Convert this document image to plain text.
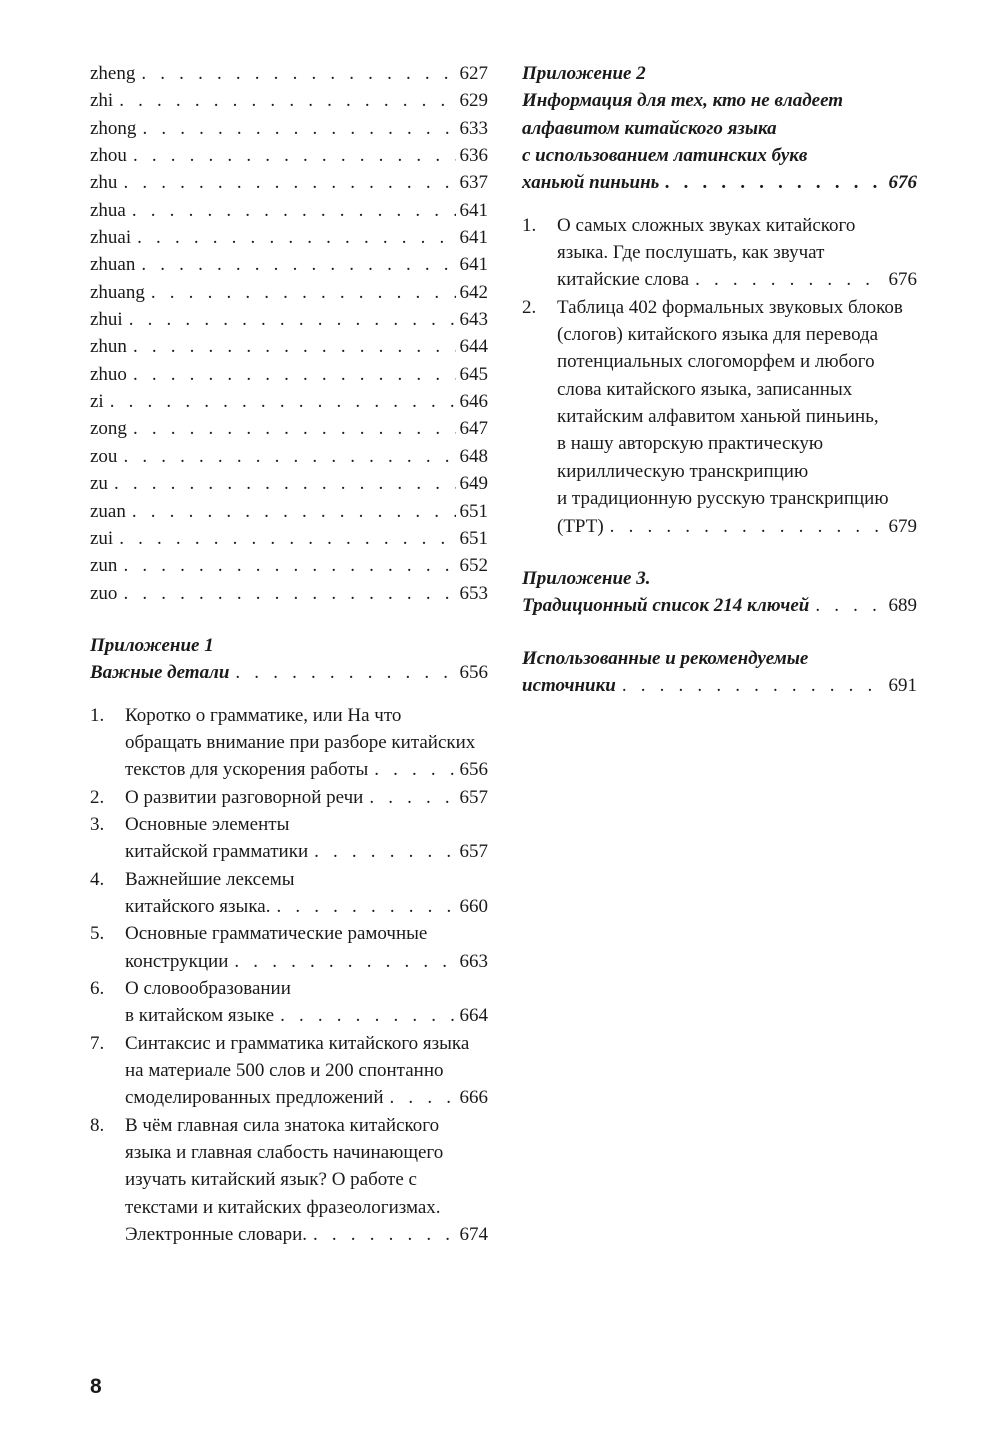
zheng . . .	627
zhi . . .	629
zhong . . .	633
zhou . . .	636
zhu . . .	637
zhua . . .	641
zhuai . . .	641
zhuan . . .	641
zhuang . . .	642
zhui . . .	643
zhun . . .	644
zhuo . . .	645
zi . . .	646
zong . . .	647
zou . . .	648
zu . . .	649
zuan . . .	651
zui . . .	651
zun . . .	652
zuo . . .	653
Приложение 1
Важные детали . . .	656
1.	Коротко о грамматике, или На что
обращать внимание при разборе китайских
текстов для ускорения работы . . .	656
2.	О развитии разговорной речи . . .	657
3.	Основные элементы
китайской грамматики . . .	657
4.	Важнейшие лексемы
китайского языка. . . .	660
5.	Основные грамматические рамочные
конструкции . . .	663
6.	О словообразовании
в китайском языке . . .	664
7.	Синтаксис и грамматика китайского языка
на материале 500 слов и 200 спонтанно
смоделированных предложений . . .	666
8.	В чём главная сила знатока китайского
языка и главная слабость начинающего
изучать китайский язык? О работе с
текстами и китайских фразеологизмах.
Электронные словари. . . .	674
Приложение 2
Информация для тех, кто не владеет
алфавитом китайского языка
с использованием латинских букв
ханьюй пиньинь . . .	676
1.	О самых сложных звуках китайского
языка. Где послушать, как звучат
китайские слова . . .	676
2.	Таблица 402 формальных звуковых блоков
(слогов) китайского языка для перевода
потенциальных слогоморфем и любого
слова китайского языка, записанных
китайским алфавитом ханьюй пиньинь,
в нашу авторскую практическую
кириллическую транскрипцию
и традиционную русскую транскрипцию
(ТРТ) . . .	679
Приложение 3.
Традиционный список 214 ключей . . .	689
Использованные и рекомендуемые
источники . . .	691
8
